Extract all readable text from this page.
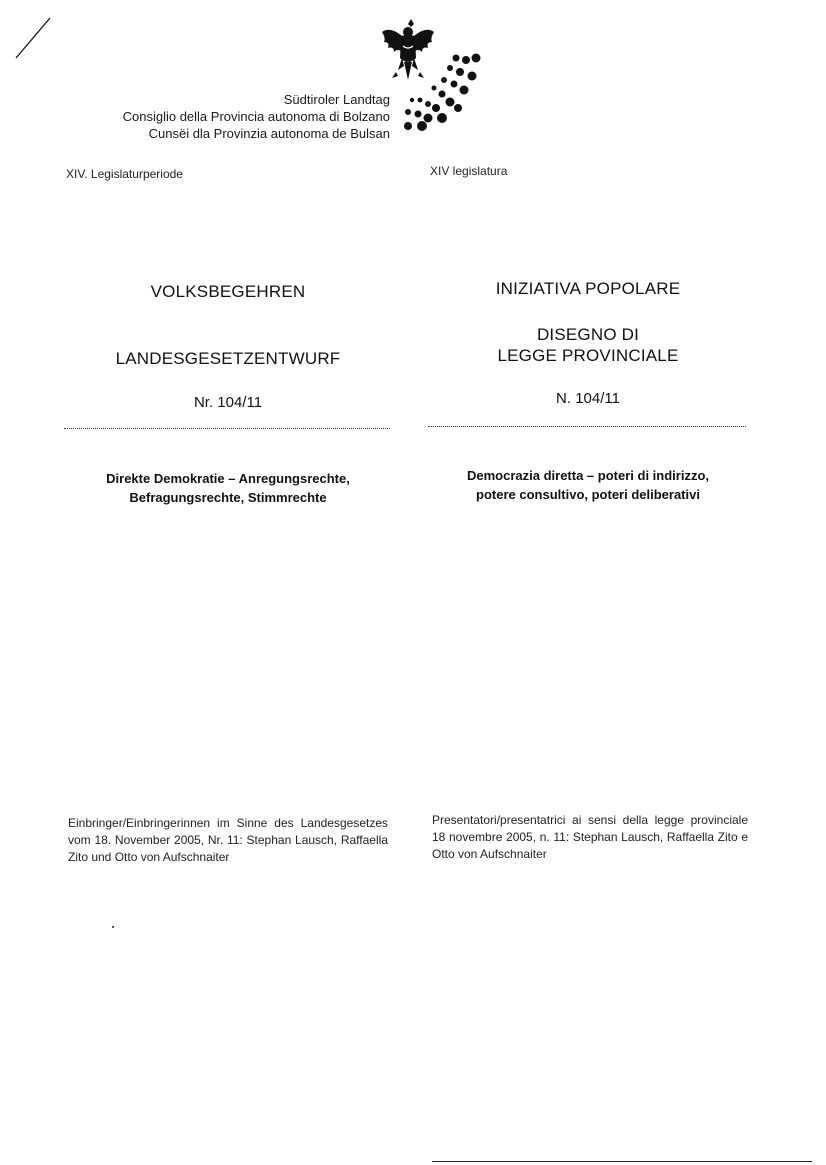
Südtiroler Landtag
Consiglio della Provincia autonoma di Bolzano
Cunsëi dla Provinzia autonoma de Bulsan
XIV. Legislaturperiode	XIV legislatura
VOLKSBEGEHREN
LANDESGESETZENTWURF
Nr. 104/11
INIZIATIVA POPOLARE
DISEGNO DI
LEGGE PROVINCIALE
N. 104/11
Direkte Demokratie – Anregungsrechte,
Befragungsrechte, Stimmrechte
Democrazia diretta – poteri di indirizzo,
potere consultivo, poteri deliberativi
Einbringer/Einbringerinnen im Sinne des Landesgesetzes vom 18. November 2005, Nr. 11: Stephan Lausch, Raffaella Zito und Otto von Aufschnaiter
Presentatori/presentatrici ai sensi della legge provinciale 18 novembre 2005, n. 11: Stephan Lausch, Raffaella Zito e Otto von Aufschnaiter
